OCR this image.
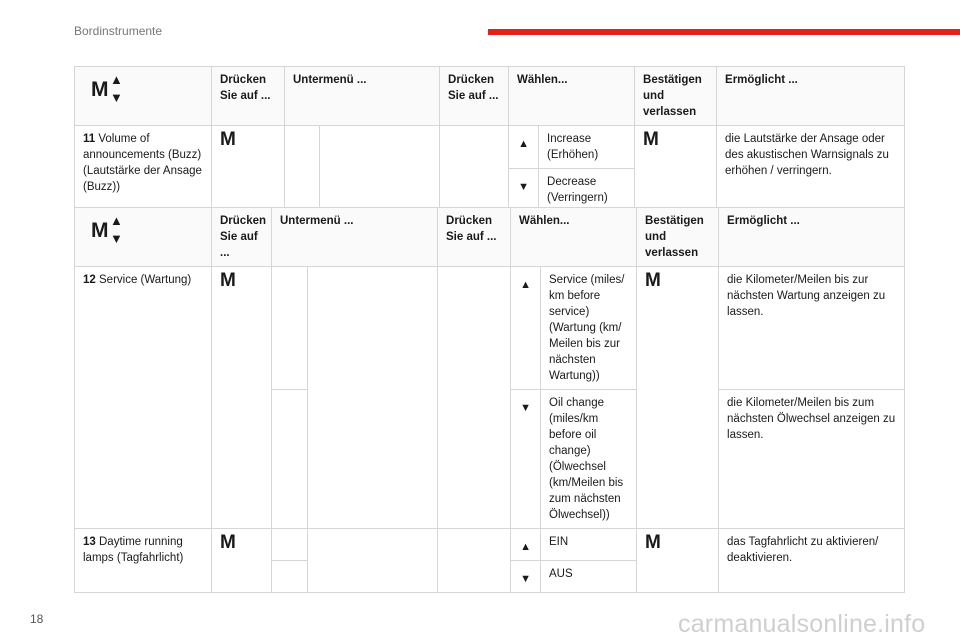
Bordinstrumente
M ▲
▼	Drücken Sie auf ...	Untermenü ...		Drücken Sie auf ...	Wählen...		Bestätigen und verlassen	Ermöglicht ...
11 Volume of announcements (Buzz) (Lautstärke der Ansage (Buzz))	M				▲	Increase (Erhöhen)	M	die Lautstärke der Ansage oder des akustischen Warnsignals zu erhöhen / verringern.
					▼	Decrease (Verringern)		
M ▲
▼	Drücken Sie auf ...	Untermenü ...		Drücken Sie auf ...	Wählen...		Bestätigen und verlassen	Ermöglicht ...
12 Service (Wartung)	M				▲	Service (miles/ km before service) (Wartung (km/ Meilen bis zur nächsten Wartung))	M	die Kilometer/Meilen bis zur nächsten Wartung anzeigen zu lassen.
					▼	Oil change (miles/km before oil change) (Ölwechsel (km/Meilen bis zum nächsten Ölwechsel))		die Kilometer/Meilen bis zum nächsten Ölwechsel anzeigen zu lassen.
13 Daytime running lamps (Tagfahrlicht)	M				▲	EIN	M	das Tagfahrlicht zu aktivieren/ deaktivieren.
					▼	AUS		
18	carmanualsonline.info
